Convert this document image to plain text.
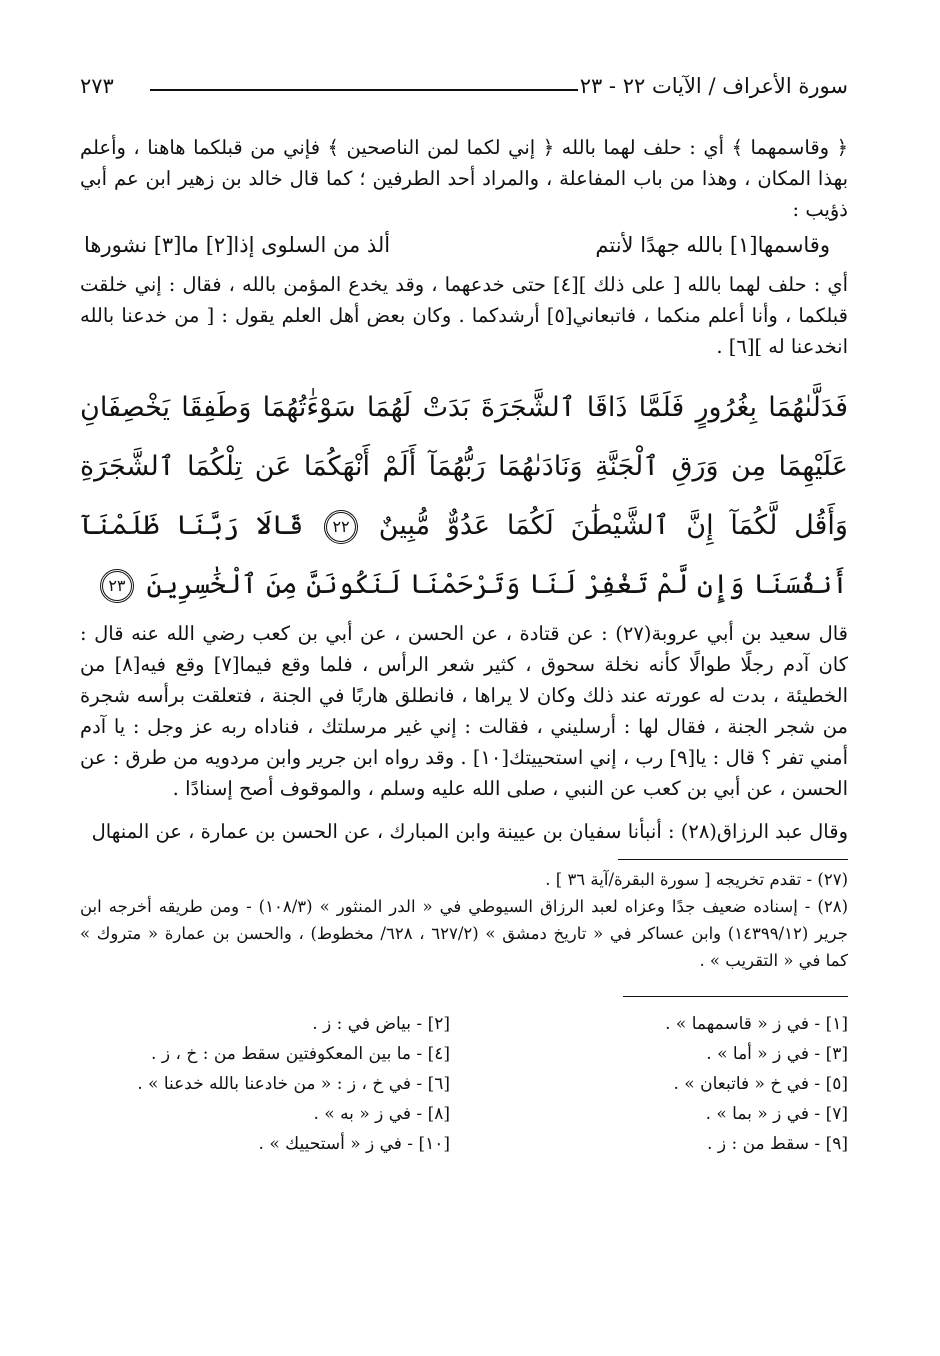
سورة الأعراف / الآيات ٢٢ - ٢٣
٢٧٣

﴿ وقاسمهما ﴾ أي : حلف لهما بالله ﴿ إني لكما لمن الناصحين ﴾ فإني من قبلكما هاهنا ، وأعلم بهذا المكان ، وهذا من باب المفاعلة ، والمراد أحد الطرفين ؛ كما قال خالد بن زهير ابن عم أبي ذؤيب :

وقاسمها[١] بالله جهدًا لأنتم
ألذ من السلوى إذا[٢] ما[٣] نشورها

أي : حلف لهما بالله [ على ذلك ][٤] حتى خدعهما ، وقد يخدع المؤمن بالله ، فقال : إني خلقت قبلكما ، وأنا أعلم منكما ، فاتبعاني[٥] أرشدكما . وكان بعض أهل العلم يقول : [ من خدعنا بالله انخدعنا له ][٦] .

فَدَلَّىٰهُمَا بِغُرُورٍ فَلَمَّا ذَاقَا ٱلشَّجَرَةَ بَدَتْ لَهُمَا سَوْءَٰتُهُمَا وَطَفِقَا يَخْصِفَانِ عَلَيْهِمَا مِن وَرَقِ ٱلْجَنَّةِ وَنَادَىٰهُمَا رَبُّهُمَآ أَلَمْ أَنْهَكُمَا عَن تِلْكُمَا ٱلشَّجَرَةِ وَأَقُل لَّكُمَآ إِنَّ ٱلشَّيْطَٰنَ لَكُمَا عَدُوٌّ مُّبِينٌ ٢٢ قَالَا رَبَّنَا ظَلَمْنَآ أَنفُسَنَا وَإِن لَّمْ تَغْفِرْ لَنَا وَتَرْحَمْنَا لَنَكُونَنَّ مِنَ ٱلْخَٰسِرِينَ ٢٣

قال سعيد بن أبي عروبة(٢٧) : عن قتادة ، عن الحسن ، عن أبي بن كعب رضي الله عنه قال : كان آدم رجلًا طوالًا كأنه نخلة سحوق ، كثير شعر الرأس ، فلما وقع فيما[٧] وقع فيه[٨] من الخطيئة ، بدت له عورته عند ذلك وكان لا يراها ، فانطلق هاربًا في الجنة ، فتعلقت برأسه شجرة من شجر الجنة ، فقال لها : أرسليني ، فقالت : إني غير مرسلتك ، فناداه ربه عز وجل : يا آدم أمني تفر ؟ قال : يا[٩] رب ، إني استحييتك[١٠] . وقد رواه ابن جرير وابن مردويه من طرق : عن الحسن ، عن أبي بن كعب عن النبي ، صلى الله عليه وسلم ، والموقوف أصح إسنادًا .

وقال عبد الرزاق(٢٨) : أنبأنا سفيان بن عيينة وابن المبارك ، عن الحسن بن عمارة ، عن المنهال

(٢٧) - تقدم تخريجه [ سورة البقرة/آية ٣٦ ] .

(٢٨) - إسناده ضعيف جدًا وعزاه لعبد الرزاق السيوطي في « الدر المنثور » (١٠٨/٣) - ومن طريقه أخرجه ابن جرير (١٤٣٩٩/١٢) وابن عساكر في « تاريخ دمشق » (٦٢٧/٢ ، ٦٢٨/ مخطوط) ، والحسن بن عمارة « متروك » كما في « التقريب » .

[١] - في ز « قاسمهما » .
[٣] - في ز « أما » .
[٥] - في خ « فاتبعان » .
[٧] - في ز « بما » .
[٩] - سقط من : ز .
[٢] - بياض في : ز .
[٤] - ما بين المعكوفتين سقط من : خ ، ز .
[٦] - في خ ، ز : « من خادعنا بالله خدعنا » .
[٨] - في ز « به » .
[١٠] - في ز « أستحييك » .
